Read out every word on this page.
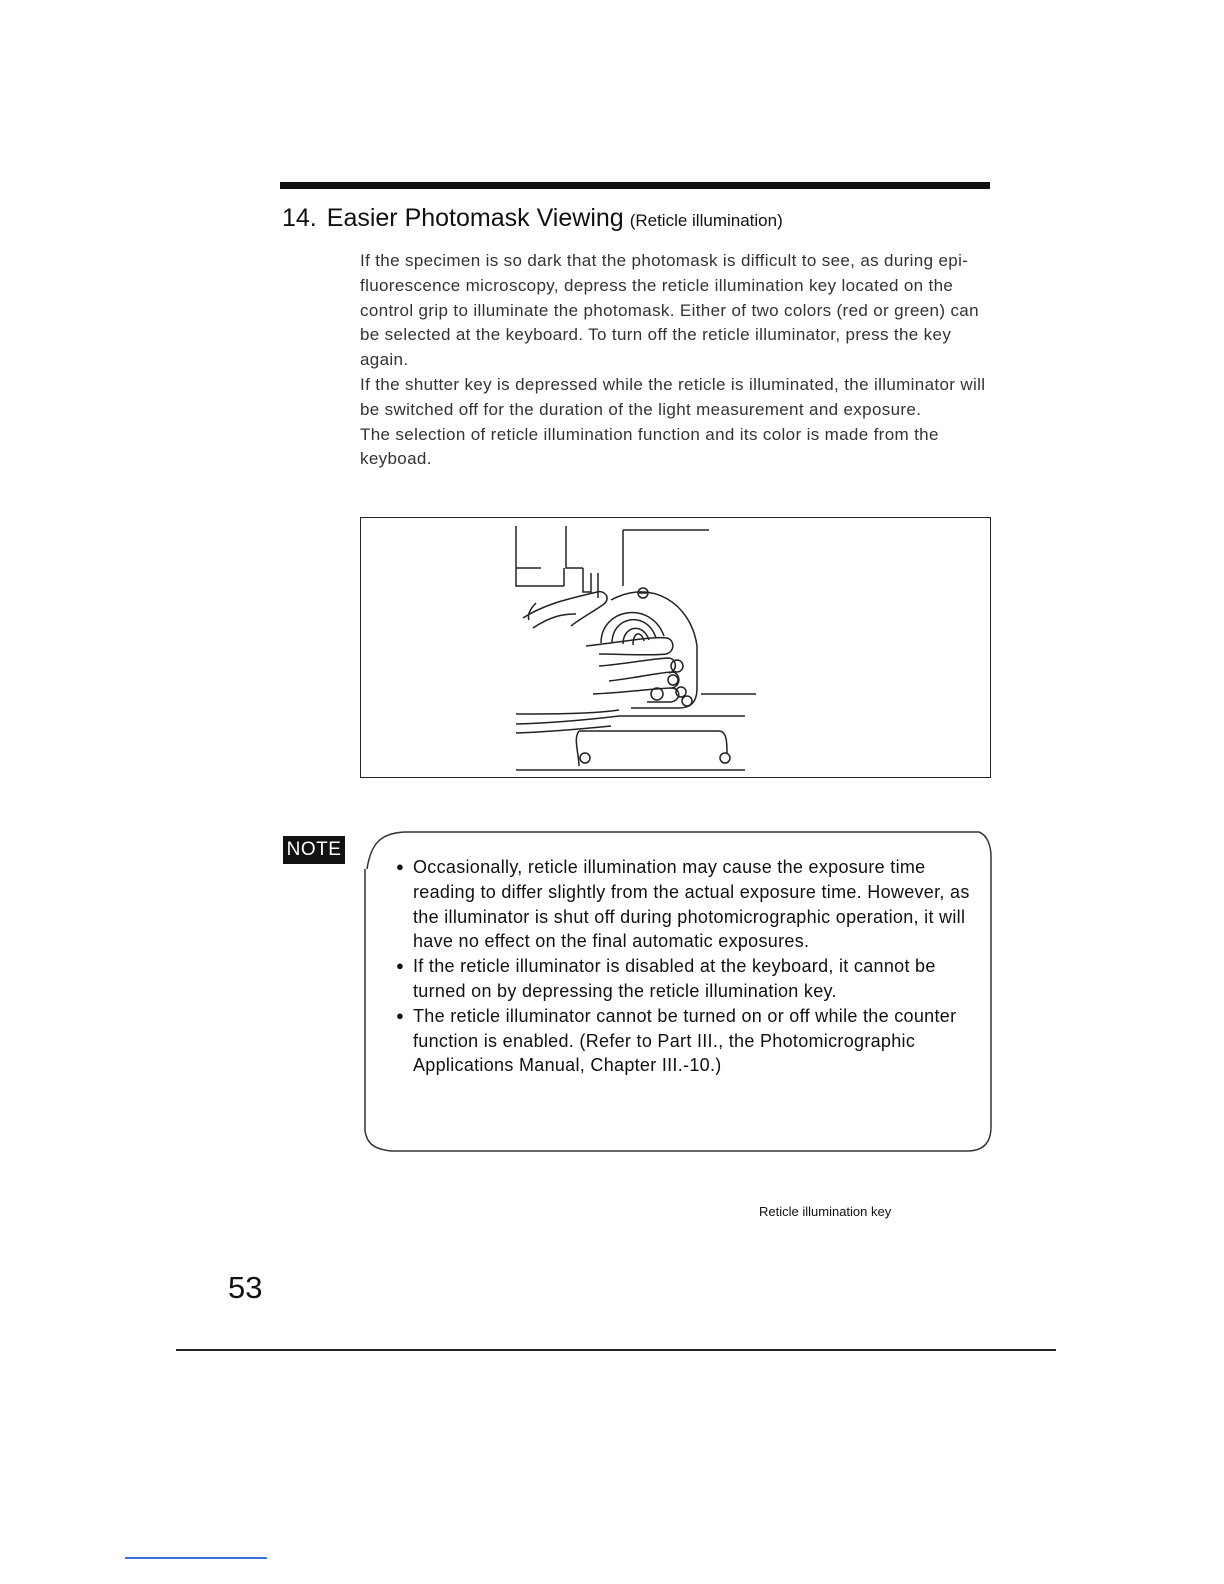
14. Easier Photomask Viewing (Reticle illumination)

If the specimen is so dark that the photomask is difficult to see, as during epi-fluorescence microscopy, depress the reticle illumination key located on the control grip to illuminate the photomask. Either of two colors (red or green) can be selected at the keyboard. To turn off the reticle illuminator, press the key again.

If the shutter key is depressed while the reticle is illuminated, the illuminator will be switched off for the duration of the light measurement and exposure.

The selection of reticle illumination function and its color is made from the keyboad.

Reticle illumination key
NOTE
● Occasionally, reticle illumination may cause the exposure time reading to differ slightly from the actual exposure time. However, as the illuminator is shut off during photomicrographic operation, it will have no effect on the final automatic exposures.
● If the reticle illuminator is disabled at the keyboard, it cannot be turned on by depressing the reticle illumination key.
● The reticle illuminator cannot be turned on or off while the counter function is enabled. (Refer to Part III., the Photomicrographic Applications Manual, Chapter III.-10.)
53
